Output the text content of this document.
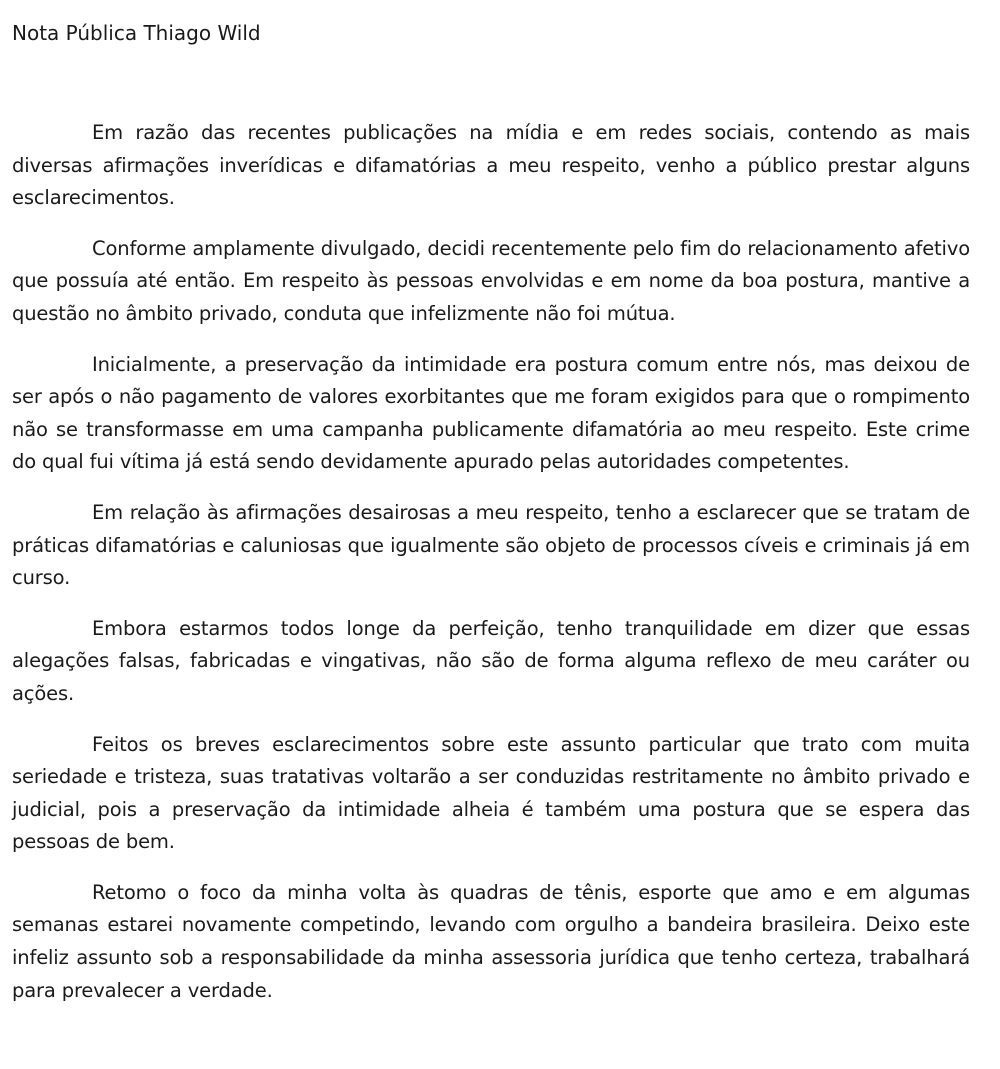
Nota Pública Thiago Wild

Em razão das recentes publicações na mídia e em redes sociais, contendo as mais diversas afirmações inverídicas e difamatórias a meu respeito, venho a público prestar alguns esclarecimentos.

Conforme amplamente divulgado, decidi recentemente pelo fim do relacionamento afetivo que possuía até então. Em respeito às pessoas envolvidas e em nome da boa postura, mantive a questão no âmbito privado, conduta que infelizmente não foi mútua.

Inicialmente, a preservação da intimidade era postura comum entre nós, mas deixou de ser após o não pagamento de valores exorbitantes que me foram exigidos para que o rompimento não se transformasse em uma campanha publicamente difamatória ao meu respeito. Este crime do qual fui vítima já está sendo devidamente apurado pelas autoridades competentes.

Em relação às afirmações desairosas a meu respeito, tenho a esclarecer que se tratam de práticas difamatórias e caluniosas que igualmente são objeto de processos cíveis e criminais já em curso.

Embora estarmos todos longe da perfeição, tenho tranquilidade em dizer que essas alegações falsas, fabricadas e vingativas, não são de forma alguma reflexo de meu caráter ou ações.

Feitos os breves esclarecimentos sobre este assunto particular que trato com muita seriedade e tristeza, suas tratativas voltarão a ser conduzidas restritamente no âmbito privado e judicial, pois a preservação da intimidade alheia é também uma postura que se espera das pessoas de bem.

Retomo o foco da minha volta às quadras de tênis, esporte que amo e em algumas semanas estarei novamente competindo, levando com orgulho a bandeira brasileira. Deixo este infeliz assunto sob a responsabilidade da minha assessoria jurídica que tenho certeza, trabalhará para prevalecer a verdade.
